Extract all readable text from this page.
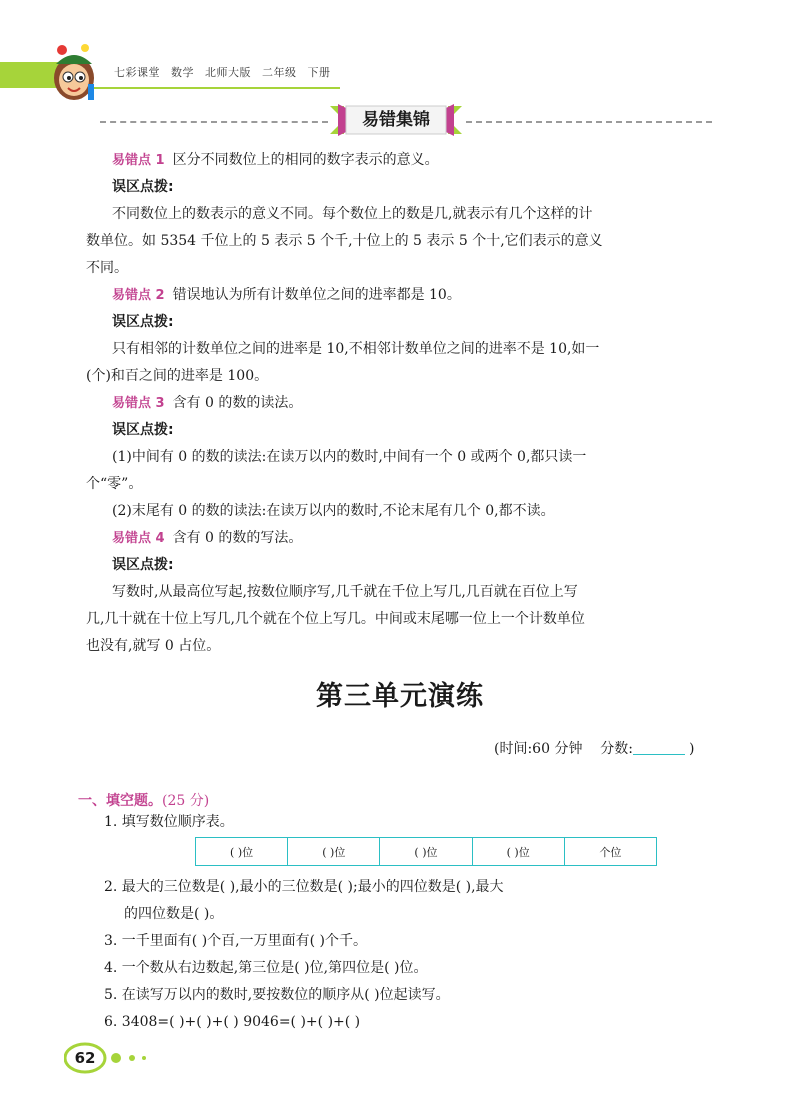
七彩课堂 数学 北师大版 二年级 下册
易错集锦
易错点 1 区分不同数位上的相同的数字表示的意义。
误区点拨:
不同数位上的数表示的意义不同。每个数位上的数是几,就表示有几个这样的计
数单位。如 5354 千位上的 5 表示 5 个千,十位上的 5 表示 5 个十,它们表示的意义
不同。
易错点 2 错误地认为所有计数单位之间的进率都是 10。
误区点拨:
只有相邻的计数单位之间的进率是 10,不相邻计数单位之间的进率不是 10,如一
(个)和百之间的进率是 100。
易错点 3 含有 0 的数的读法。
误区点拨:
(1)中间有 0 的数的读法:在读万以内的数时,中间有一个 0 或两个 0,都只读一
个“零”。
(2)末尾有 0 的数的读法:在读万以内的数时,不论末尾有几个 0,都不读。
易错点 4 含有 0 的数的写法。
误区点拨:
写数时,从最高位写起,按数位顺序写,几千就在千位上写几,几百就在百位上写
几,几十就在十位上写几,几个就在个位上写几。中间或末尾哪一位上一个计数单位
也没有,就写 0 占位。
第三单元演练
(时间:60 分钟 分数:	)
一、填空题。(25 分)
1. 填写数位顺序表。
( )位	( )位	( )位	( )位	个位
2. 最大的三位数是( ),最小的三位数是( );最小的四位数是( ),最大
的四位数是( )。
3. 一千里面有( )个百,一万里面有( )个千。
4. 一个数从右边数起,第三位是( )位,第四位是( )位。
5. 在读写万以内的数时,要按数位的顺序从( )位起读写。
6. 3408=( )+( )+( ) 9046=( )+( )+( )
62
